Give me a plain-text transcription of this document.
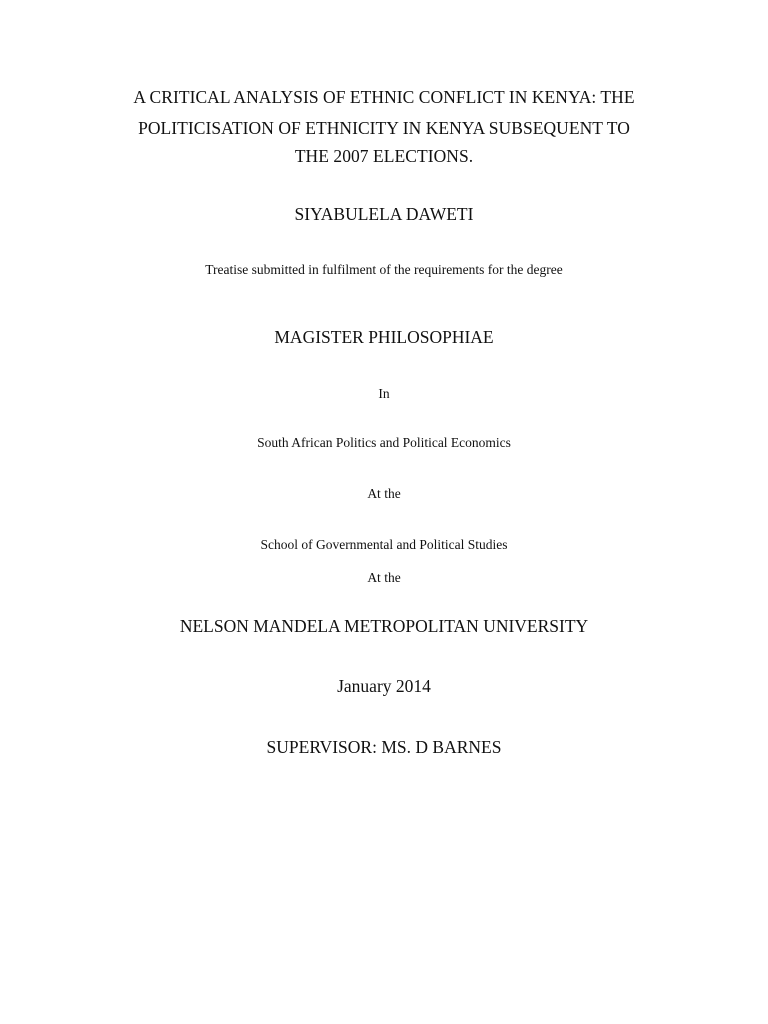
A CRITICAL ANALYSIS OF ETHNIC CONFLICT IN KENYA: THE
POLITICISATION OF ETHNICITY IN KENYA SUBSEQUENT TO
THE 2007 ELECTIONS.
SIYABULELA DAWETI
Treatise submitted in fulfilment of the requirements for the degree
MAGISTER PHILOSOPHIAE
In
South African Politics and Political Economics
At the
School of Governmental and Political Studies
At the
NELSON MANDELA METROPOLITAN UNIVERSITY
January 2014
SUPERVISOR: MS. D BARNES
